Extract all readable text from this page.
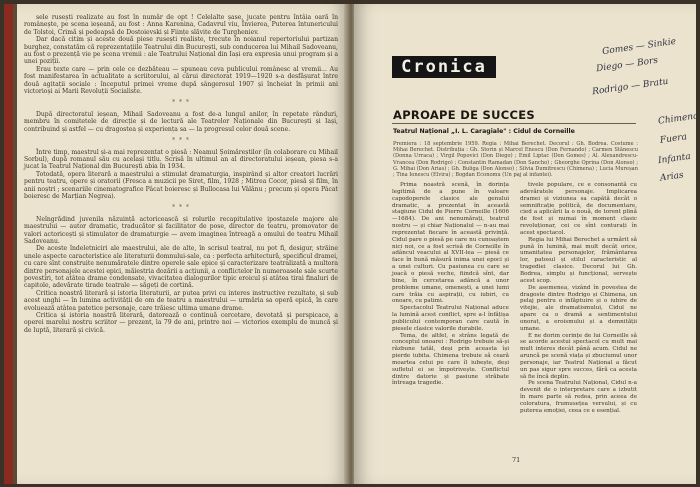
sele rusești realizate au fost în număr de opt ! Celelalte șase, jucate pentru întâia oară în românește, pe scena ieșeană, au fost : Anna Karenina, Cadavrul viu, Învierea, Puterea întunericului de Tolstoi, Crimă și pedeapsă de Dostoievski și Ființe slăvite de Turgheniev.

Dar dacă citim și aceste două piese rusești realiste, trecute în noianul repertoriului partizan burghez, constatăm că reprezentațiile Teatrului din București, sub conducerea lui Mihail Sadoveanu, au fost o prezență vie pe scena vremii : ale Teatrului Național din Iași era expresia unui program și a unei poziții.

Erau texte care — prin cele ce dezbăteau — spuneau ceva publicului românesc al vremii... Au fost manifestarea în actualitate a scriitorului, al cărui directorat 1919—1920 s-a desfășurat între două agitații sociale : începutul primei vreme după sângerosul 1907 și încheiat în primii ani victorioși ai Marii Revoluții Socialiste.

* * *

După directoratul ieșean, Mihail Sadoveanu a fost de-a lungul anilor, în repetate rânduri, membru în comitetele de direcție și de lectură ale Teatrelor Naționale din București și Iași, contribuind și astfel — cu dragostea și experiența sa — la progresul celor două scene.

* * *

Între timp, maestrul și-a mai reprezentat o piesă : Neamul Șoimăreștilor (în colaborare cu Mihail Sorbul), după romanul său cu același titlu. Scrisă în ultimul an al directoratului ieșean, piesa s-a jucat la Teatrul Național din București abia în 1934.

Totodată, opera literară a maestrului a stimulat dramaturgia, inspirând și altor creatori lucrări pentru teatru, opere și oratorii (Fresca a muzicii pe Siret, film, 1928 ; Mitrea Cocor, piesă și film, în anii noștri ; scenariile cinematografice Pâcat boieresc și Bullocasa lui Vâlânu ; precum și opera Pâcat boieresc de Marțian Negrea).

* * *

Neîngrădind juvenila năzuință actoricească și rolurile recapitulative ipostazele majore ale maestrului — autor dramatic, traducător și facilitator de pose, director de teatru, promovator de valori actoricești și stimulator de dramaturgie — avem imaginea întreagă a omului de teatru Mihail Sadoveanu.

De aceste îndeletniciri ale maestrului, ale de alte, în scrisul teatral, nu pot fi, desigur, străine unele aspecte caracteristice ale literaturii domnului-sale, ca : perfecta arhitectură, specificul dramei, cu care sînt construite nenumăratele dintre operele sale epice și caracterizare teatralizată a multora dintre personajele acestei epici, măiestria dozării a acțiunii, a conflictelor în numeroasele sale scurte povestiri, tot atâtea drame condensate, vivacitatea dialogurilor tipic eroicul și atâtea tirai finaluri de capitole, adevărate tirade teatrale — săgeți de cortină.

Critica noastră literară și istoria literaturii, ar putea privi cu interes instructive rezultate, și sub acest unghi — în lumina activității de om de teatru a maestrului — urmăria sa operă epică, în care evoluează atâtea patetice personaje, care trăiesc ultima umane drame.

Critica și istoria noastră literară, datorează o continuă cercetare, devotată și perspicace, a operei marelui nostru scriitor — prezent, la 79 de ani, printre noi — victorios exemplu de muncă și de luptă, literară și civică.

Cronica
APROAPE DE SUCCES
Teatrul Național „I. L. Caragiale" : Cidul de Corneille
Premiera : 18 septembrie 1959. Regia : Mihai Berechet. Decorul : Gh. Bodrea. Costume : Mihai Berechet. Distribuția : Gh. Storin și Marcel Enescu (Don Fernando) ; Carmen Stănescu (Donna Urraca) ; Virgil Popovici (Don Diego) ; Emil Liptac (Don Gomes) ; Al. Alexandrescu-Vrancea (Don Rodrigo) ; Constantin Ramadan (Don Sancho) ; Gheorghe Oprina (Don Alonso) ; G. Mihai (Don Arias) ; Gh. Buliga (Don Alonso) ; Silvia Dumitrescu (Chimena) ; Lucia Mureșan ; Tina Ionescu (Elvira) ; Bogdan Economu (Un paj al infantei).

Prima noastră scenă, în dorința legitimă de a pune în valoare capodoperele clasice ale genului dramatic, a prezentat în această stagiune Cidul de Pierre Corneille (1606—1684). De ani nenumărați, teatrul nostru — și chiar Naționalul — n-au mai reprezentat fiecare în această privință. Cidul pare o piesă pe care nu cunoaștem nici noi, ce a fost scrisă de Corneille în adâncul veacului al XVII-lea — piesă ce face în bună măsură inima unei epoci și a unei culturi. Cu pasiunea cu care se joacă o piesă veche, fiindcă sînt, dar bine, în cercetarea adâncă a unor probleme umane, omenești, a unei lumi care trăia cu aspirații, cu iubiri, cu onoare, cu patimi.

Spectacolul Teatrului Național aduce la lumină acest conflict, spre a-l înfățișa publicului contemporan care caută în piesele clasice valorile durabile.

Tema, de altfel, e strâns legată de conceptul onoarei : Rodrigo trebuie să-și răzbune tatăl, deși prin aceasta își pierde iubita. Chimena trebuie să ceară moartea celui pe care îl iubește, deși sufletul ei se împotrivește. Conflictul dintre datorie și pasiune străbate întreaga tragedie.

tivele populare, ce e consonantă cu adevăratele personaje. Implicarea dramei și viziunea sa capătă decât o semnificație politică, de documentare, cied a aplicării la o nouă, de torent plină de fost și numai în moment clasic revoluționar, cei ce sînt conturați în acest spectacol.

Regia lui Mihai Berechet a urmărit să pună în lumină, mai mult decât orice, umanitatea personajelor, frământarea lor, patosul și stilul caracteristic al tragediei clasice. Decorul lui Gh. Bodrea, simplu și funcțional, servește acest scop.

De asemenea, vizând în povestea de dragoste dintre Rodrigo și Chimena, un pelaj pentru o infăptuire și o iubire de vitejie, ale dramatismului, Cidul ne apare ca o dramă a sentimentului onorat, a eroismului și a demnității umane.

E ne dorim cerințe de lui Corneille să se acorde acestui spectacol cu mult mai mult interes decât până acum. Cidul ne aruncă pe scenă viața și zbuciumul unor personaje, iar Teatrul Național a făcut un pas sigur spre succes, fără ca acesta să fie încă deplin.

Pe scena Teatrului Național, Cidul n-a devenit de o interpretare care a izbutit în mare parte să redea, prin aceea de coloratura, frumusețea versului, și cu puterea emoției, ceea ce e esențial.

Gomes — Sinkie
Diego — Bors
Rodrigo — Bratu
Chimena
Fuera
Infanta
Arias
71
